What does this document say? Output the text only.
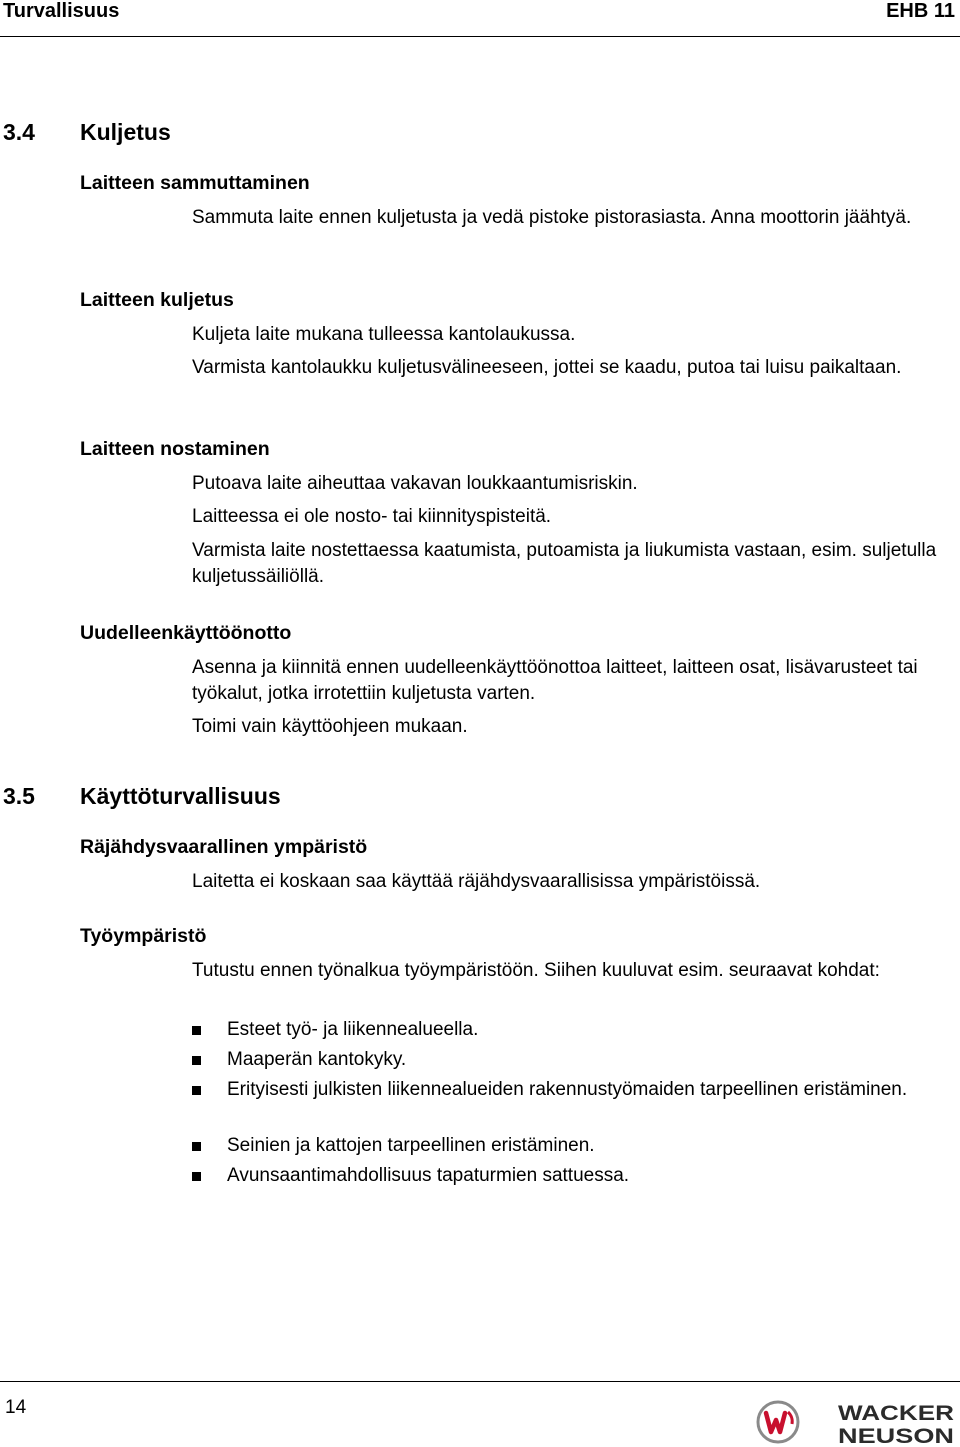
Turvallisuus	EHB 11
3.4 Kuljetus
Laitteen sammuttaminen
Sammuta laite ennen kuljetusta ja vedä pistoke pistorasiasta. Anna moottorin jäähtyä.
Laitteen kuljetus
Kuljeta laite mukana tulleessa kantolaukussa.
Varmista kantolaukku kuljetusvälineeseen, jottei se kaadu, putoa tai luisu paikaltaan.
Laitteen nostaminen
Putoava laite aiheuttaa vakavan loukkaantumisriskin.
Laitteessa ei ole nosto- tai kiinnityspisteitä.
Varmista laite nostettaessa kaatumista, putoamista ja liukumista vastaan, esim. suljetulla kuljetussäiliöllä.
Uudelleenkäyttöönotto
Asenna ja kiinnitä ennen uudelleenkäyttöönottoa laitteet, laitteen osat, lisävarusteet tai työkalut, jotka irrotettiin kuljetusta varten.
Toimi vain käyttöohjeen mukaan.
3.5 Käyttöturvallisuus
Räjähdysvaarallinen ympäristö
Laitetta ei koskaan saa käyttää räjähdysvaarallisissa ympäristöissä.
Työympäristö
Tutustu ennen työnalkua työympäristöön. Siihen kuuluvat esim. seuraavat kohdat:
Esteet työ- ja liikennealueella.
Maaperän kantokyky.
Erityisesti julkisten liikennealueiden rakennustyömaiden tarpeellinen eristäminen.
Seinien ja kattojen tarpeellinen eristäminen.
Avunsaantimahdollisuus tapaturmien sattuessa.
14	WACKER
NEUSON
